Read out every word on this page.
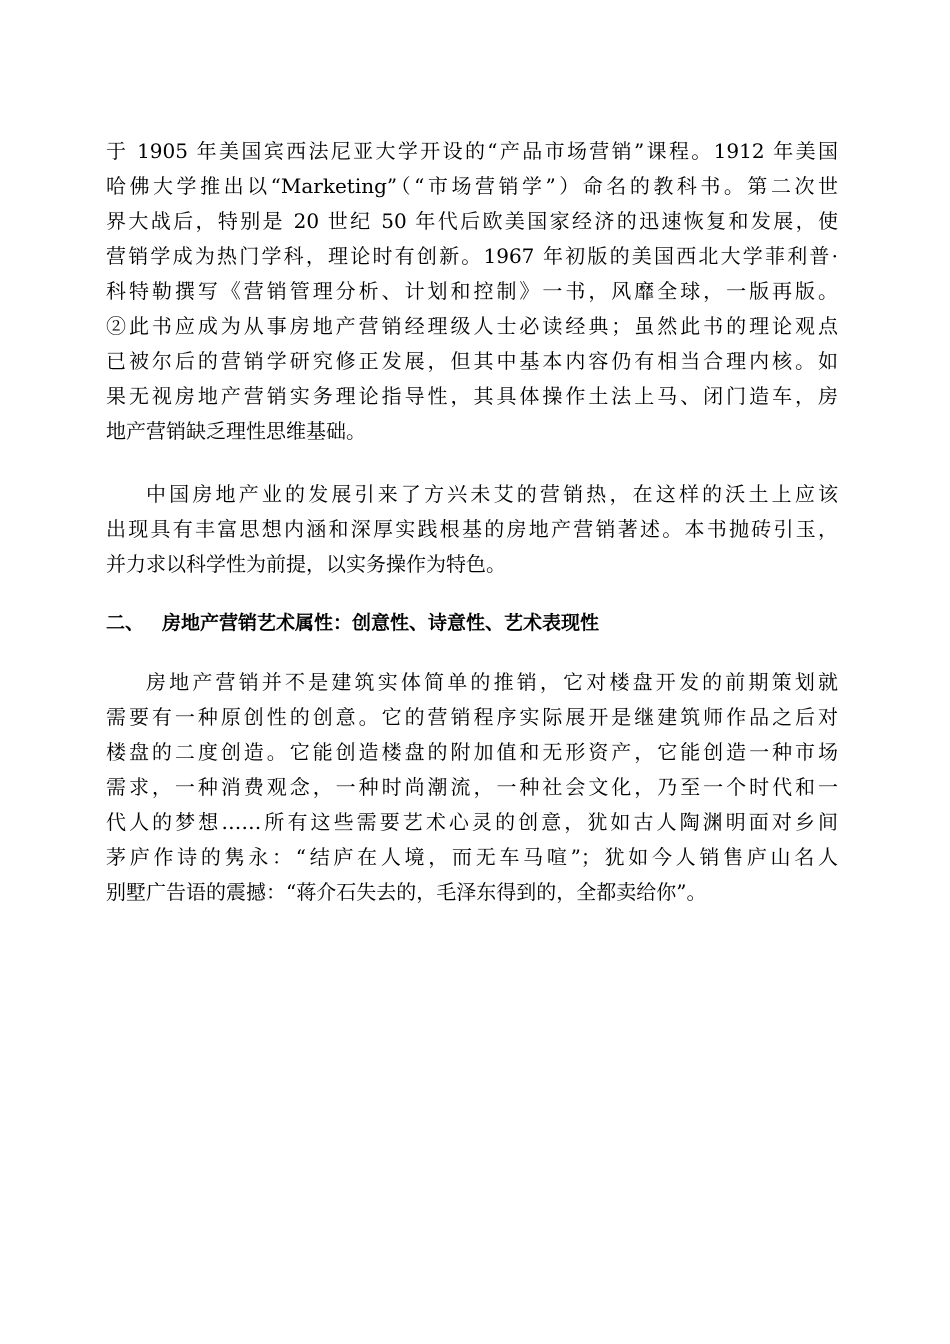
于 1905 年美国宾西法尼亚大学开设的“产品市场营销”课程。1912 年美国
哈佛大学推出以“Marketing”（“市场营销学”）命名的教科书。第二次世
界大战后，特别是 20 世纪 50 年代后欧美国家经济的迅速恢复和发展，使
营销学成为热门学科，理论时有创新。1967 年初版的美国西北大学菲利普·
科特勒撰写《营销管理分析、计划和控制》一书，风靡全球，一版再版。
②此书应成为从事房地产营销经理级人士必读经典；虽然此书的理论观点
已被尔后的营销学研究修正发展，但其中基本内容仍有相当合理内核。如
果无视房地产营销实务理论指导性，其具体操作土法上马、闭门造车，房
地产营销缺乏理性思维基础。

中国房地产业的发展引来了方兴未艾的营销热，在这样的沃土上应该
出现具有丰富思想内涵和深厚实践根基的房地产营销著述。本书抛砖引玉，
并力求以科学性为前提，以实务操作为特色。

二、 房地产营销艺术属性：创意性、诗意性、艺术表现性

房地产营销并不是建筑实体简单的推销，它对楼盘开发的前期策划就
需要有一种原创性的创意。它的营销程序实际展开是继建筑师作品之后对
楼盘的二度创造。它能创造楼盘的附加值和无形资产，它能创造一种市场
需求，一种消费观念，一种时尚潮流，一种社会文化，乃至一个时代和一
代人的梦想……所有这些需要艺术心灵的创意，犹如古人陶渊明面对乡间
茅庐作诗的隽永：“结庐在人境，而无车马喧”；犹如今人销售庐山名人
别墅广告语的震撼：“蒋介石失去的，毛泽东得到的，全都卖给你”。
